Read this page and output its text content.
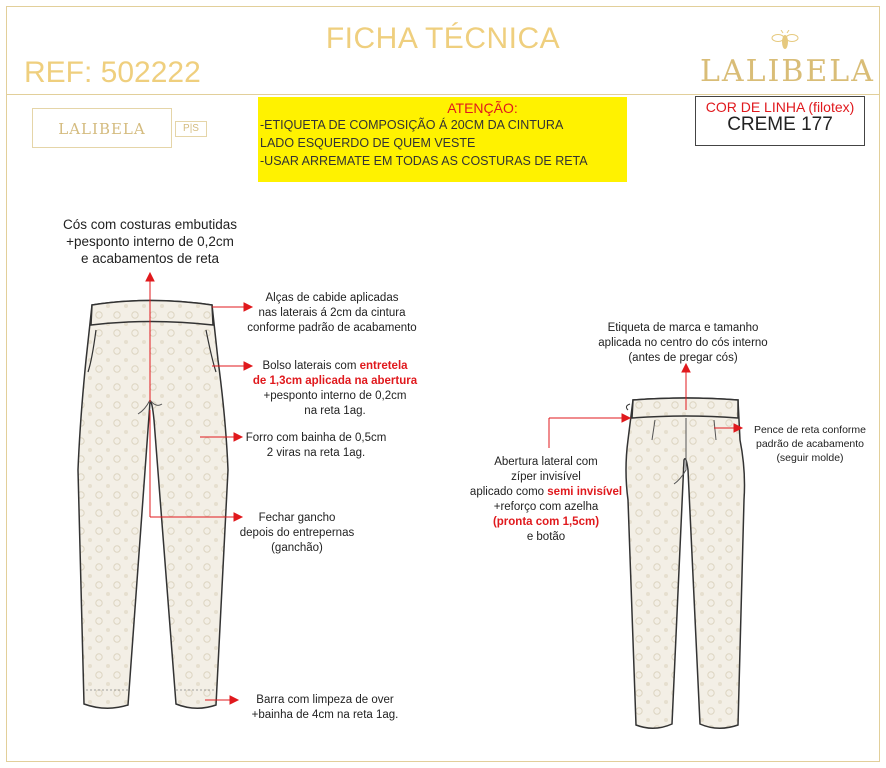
FICHA TÉCNICA
REF: 502222	LALIBELA
LALIBELA	P|S
ATENÇÃO:
-ETIQUETA DE COMPOSIÇÃO Á 20CM DA CINTURA
LADO ESQUERDO DE QUEM VESTE
-USAR ARREMATE EM TODAS AS COSTURAS DE RETA
COR DE LINHA (filotex)
CREME 177
Cós com costuras embutidas
+pesponto interno de 0,2cm
e acabamentos de reta
Alças de cabide aplicadas
nas laterais á 2cm da cintura
conforme padrão de acabamento
Bolso laterais com entretela
de 1,3cm aplicada na abertura
+pesponto interno de 0,2cm
na reta 1ag.
Forro com bainha de 0,5cm
2 viras na reta 1ag.
Fechar gancho
depois do entrepernas
(ganchão)
Barra com limpeza de over
+bainha de 4cm na reta 1ag.
Etiqueta de marca e tamanho
aplicada no centro do cós interno
(antes de pregar cós)
Pence de reta conforme
padrão de acabamento
(seguir molde)
Abertura lateral com
zíper invisível
aplicado como semi invisível
+reforço com azelha
(pronta com 1,5cm)
e botão
